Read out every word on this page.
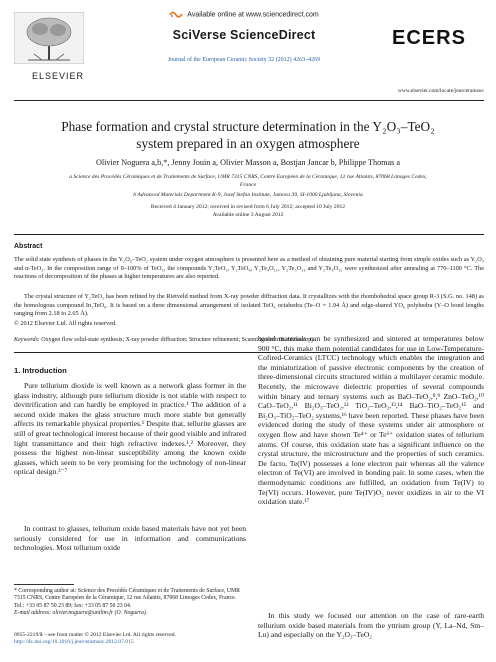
ELSEVIER
Available online at www.sciencedirect.com
SciVerse ScienceDirect
Journal of the European Ceramic Society 32 (2012) 4263–4269
ECERS
www.elsevier.com/locate/jeurceramsoc
Phase formation and crystal structure determination in the Y₂O₃–TeO₂
system prepared in an oxygen atmosphere
Olivier Noguera a,b,*, Jenny Jouin a, Olivier Masson a, Bostjan Jancar b, Philippe Thomas a
a Science des Procédés Céramiques et de Traitements de Surface, UMR 7315 CNRS, Centre Européen de la Céramique, 12 rue Atlantis, 87068 Limoges Cedex,
France
b Advanced Materials Department K-9, Jozef Stefan Institute, Jamova 39, SI-1000 Ljubljana, Slovenia
Received 4 January 2012; received in revised form 6 July 2012; accepted 10 July 2012
Available online 3 August 2012
Abstract
The solid state synthesis of phases in the Y₂O₃–TeO₂ system under oxygen atmosphere is presented here as a method of obtaining pure material starting from simple oxides such as Y₂O₃ and α-TeO₂. In the composition range of 0–100% of TeO₂, the compounds Y₂TeO₅, Y₂TeO₆, Y₂Te₄O₁₁, Y₂Te₅O₁₃ and Y₂Te₆O₁₅ were synthesized after annealing at 770–1100 °C. The reactions of decomposition of the phases at higher temperatures are also reported.
The crystal structure of Y₂TeO₅ has been refined by the Rietveld method from X-ray powder diffraction data. It crystallizes with the rhombohedral space group R-3 (S.G. no. 148) as the homologous compound In₂TeO₆. It is based on a three dimensional arrangement of isolated TeO₆ octahedra (Te–O = 1.94 Å) and edge-shared YO₆ polyhedra (Y–O bond lengths ranging from 2.18 to 2.65 Å).
© 2012 Elsevier Ltd. All rights reserved.
Keywords: Oxygen flow solid-state synthesis; X-ray powder diffraction; Structure refinement; Scanning electron microscopy
1. Introduction
Pure tellurium dioxide is well known as a network glass former in the glass industry, although pure tellurium dioxide is not stable with respect to devitrification and can hardly be employed in practice.¹ The addition of a second oxide makes the glass structure much more stable but generally affects its remarkable physical properties.¹ Despite that, tellurite glasses are still of great technological interest because of their good visible and infrared light transmittance and their high refractive indexes.¹,² Moreover, they possess the highest non-linear susceptibility among the known oxide glasses, which seem to be very promising for the technology of non-linear optical design.³⁻⁷
In contrast to glasses, tellurium oxide based materials have not yet been seriously considered for use in information and communications technologies. Most tellurium oxide
based materials can be synthesized and sintered at temperatures below 900 °C, this make them potential candidates for use in Low-Temperature-Cofired-Ceramics (LTCC) technology which enables the integration and the miniaturization of passive electronic components by the creation of three-dimensional circuits structured within a multilayer ceramic module. Recently, the microwave dielectric properties of several compounds within binary and ternary systems such as BaO–TeO₂,⁸,⁹ ZnO–TeO₂,¹⁰ CaO–TeO₂,¹¹ Bi₂O₃–TeO₂,¹² TiO₂–TeO₂,¹³,¹⁴ BaO–TiO₂–TeO₂¹⁵ and Bi₂O₃–TiO₂–TeO₂ systems,¹⁶ have been reported. These phases have been evidenced during the study of these systems under air atmosphere or oxygen flow and have shown Te⁴⁺ or Te⁶⁺ oxidation states of tellurium atoms. Of course, this oxidation state has a significant influence on the crystal structure, the microstructure and the properties of such ceramics. De facto, Te(IV) possesses a lone electron pair whereas all the valence electron of Te(VI) are involved in bonding pair. In some cases, when the thermodynamic conditions are fulfilled, an oxidation from Te(IV) to Te(VI) occurs. However, pure Te(IV)O₂ never oxidizes in air to the VI oxidation state.¹⁷
In this study we focused our attention on the case of rare-earth tellurium oxide based materials from the yttrium group (Y, La–Nd, Sm–Lu) and especially on the Y₂O₃–TeO₂
* Corresponding author at: Science des Procédés Céramiques et de Traitements de Surface, UMR 7315 CNRS, Centre Européen de la Céramique, 12 rue Atlantis, 87068 Limoges Cedex, France. Tel.: +33 05 87 50 23 89; fax: +33 05 87 50 23 04.
E-mail address: olivier.noguera@unilim.fr (O. Noguera).
0955-2219/$ – see front matter © 2012 Elsevier Ltd. All rights reserved.
http://dx.doi.org/10.1016/j.jeurceramsoc.2012.07.015
